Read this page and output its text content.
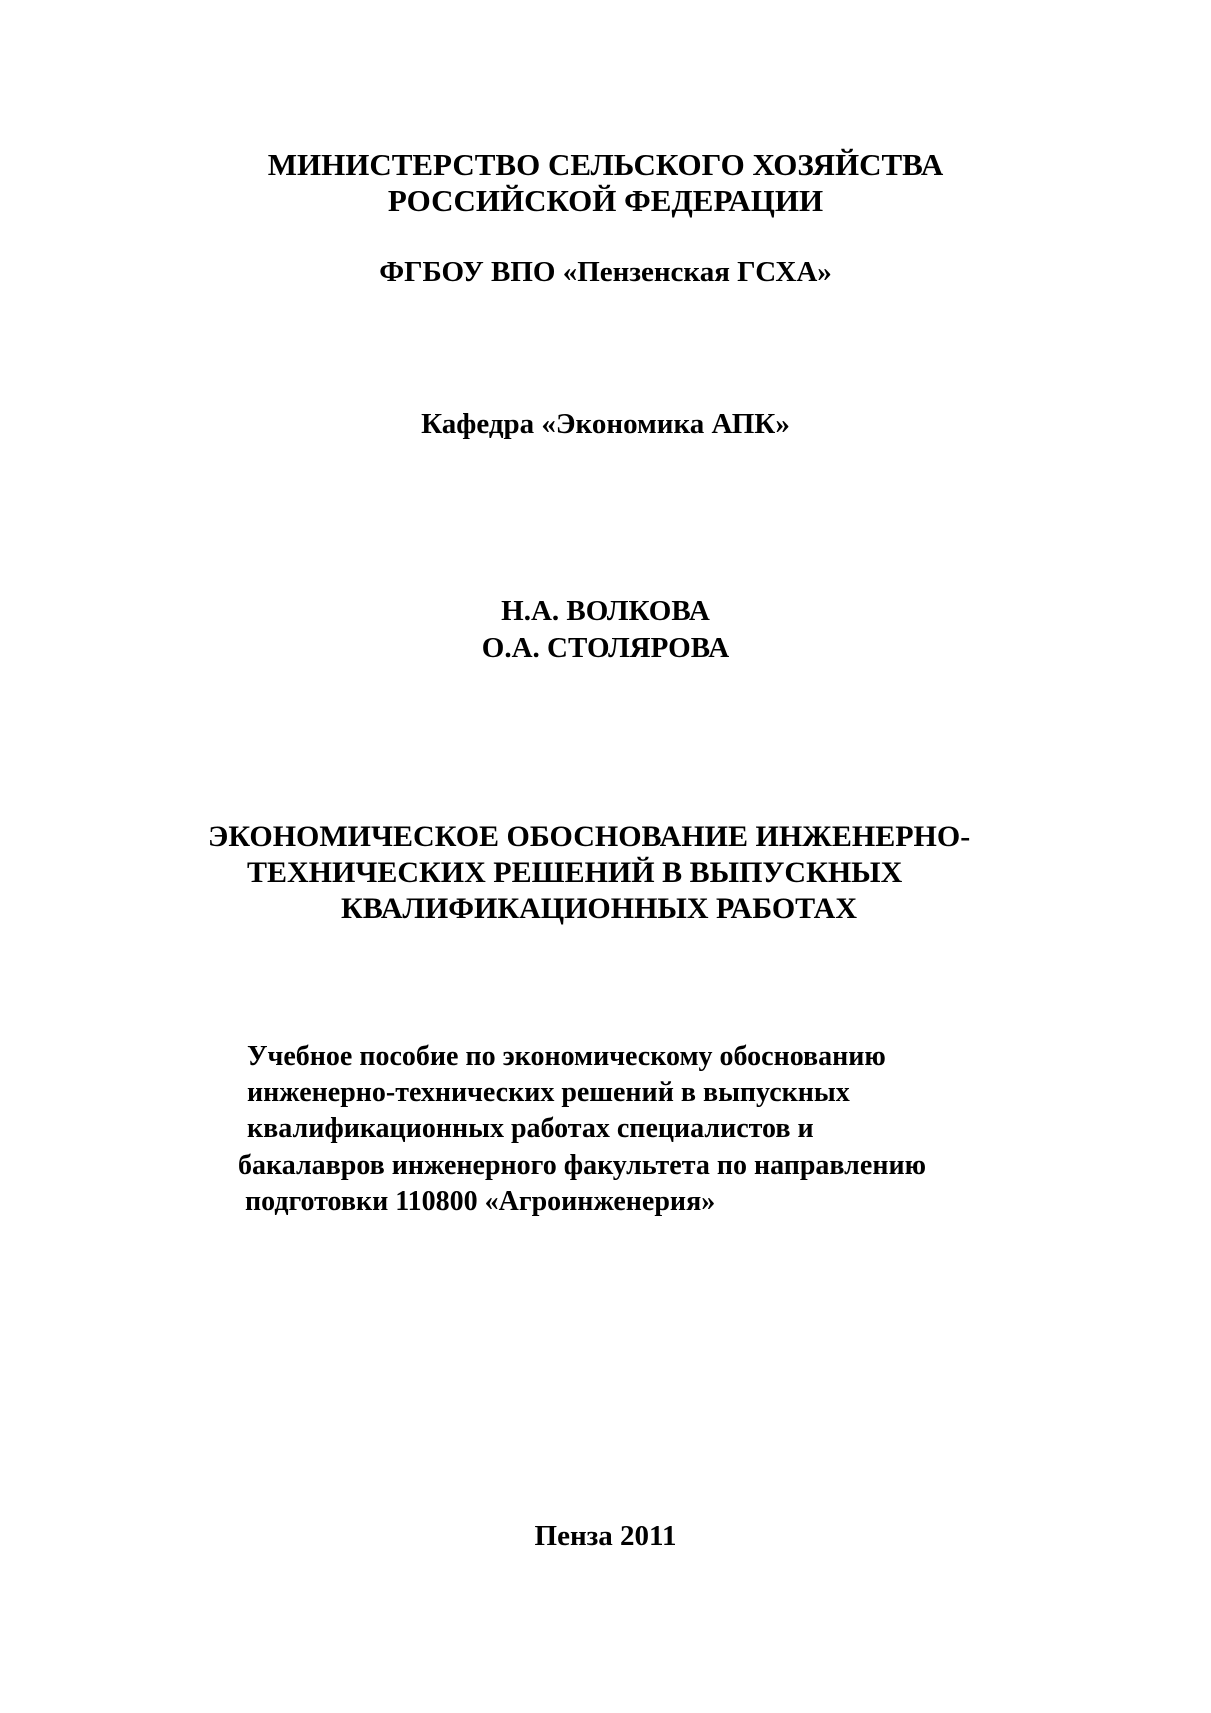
МИНИСТЕРСТВО СЕЛЬСКОГО ХОЗЯЙСТВА
РОССИЙСКОЙ ФЕДЕРАЦИИ
ФГБОУ ВПО «Пензенская ГСХА»
Кафедра «Экономика АПК»
Н.А. ВОЛКОВА
О.А. СТОЛЯРОВА
ЭКОНОМИЧЕСКОЕ ОБОСНОВАНИЕ ИНЖЕНЕРНО-
ТЕХНИЧЕСКИХ РЕШЕНИЙ В ВЫПУСКНЫХ
КВАЛИФИКАЦИОННЫХ РАБОТАХ
Учебное пособие по экономическому обоснованию
инженерно-технических решений в выпускных
квалификационных работах специалистов и
бакалавров инженерного факультета по направлению
подготовки 110800 «Агроинженерия»
Пенза 2011
